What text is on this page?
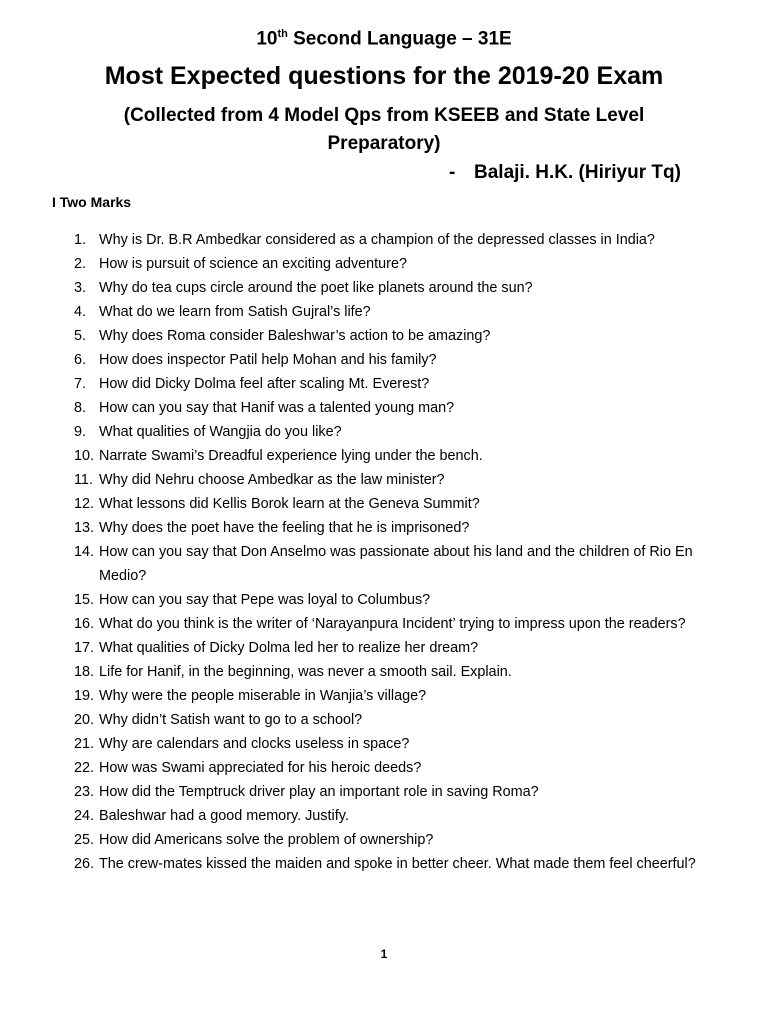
10th Second Language – 31E
Most Expected questions for the 2019-20 Exam
(Collected from 4 Model Qps from KSEEB and State Level
Preparatory)
- Balaji. H.K. (Hiriyur Tq)
I Two Marks
1. Why is Dr. B.R Ambedkar considered as a champion of the depressed classes in India?
2. How is pursuit of science an exciting adventure?
3. Why do tea cups circle around the poet like planets around the sun?
4. What do we learn from Satish Gujral’s life?
5. Why does Roma consider Baleshwar’s action to be amazing?
6. How does inspector Patil help Mohan and his family?
7. How did Dicky Dolma feel after scaling Mt. Everest?
8. How can you say that Hanif was a talented young man?
9. What qualities of Wangjia do you like?
10. Narrate Swami’s Dreadful experience lying under the bench.
11. Why did Nehru choose Ambedkar as the law minister?
12. What lessons did Kellis Borok learn at the Geneva Summit?
13. Why does the poet have the feeling that he is imprisoned?
14. How can you say that Don Anselmo was passionate about his land and the children of Rio En Medio?
15. How can you say that Pepe was loyal to Columbus?
16. What do you think is the writer of ‘Narayanpura Incident’ trying to impress upon the readers?
17. What qualities of Dicky Dolma led her to realize her dream?
18. Life for Hanif, in the beginning, was never a smooth sail. Explain.
19. Why were the people miserable in Wanjia’s village?
20. Why didn’t Satish want to go to a school?
21. Why are calendars and clocks useless in space?
22. How was Swami appreciated for his heroic deeds?
23. How did the Temptruck driver play an important role in saving Roma?
24. Baleshwar had a good memory. Justify.
25. How did Americans solve the problem of ownership?
26. The crew-mates kissed the maiden and spoke in better cheer. What made them feel cheerful?
1
